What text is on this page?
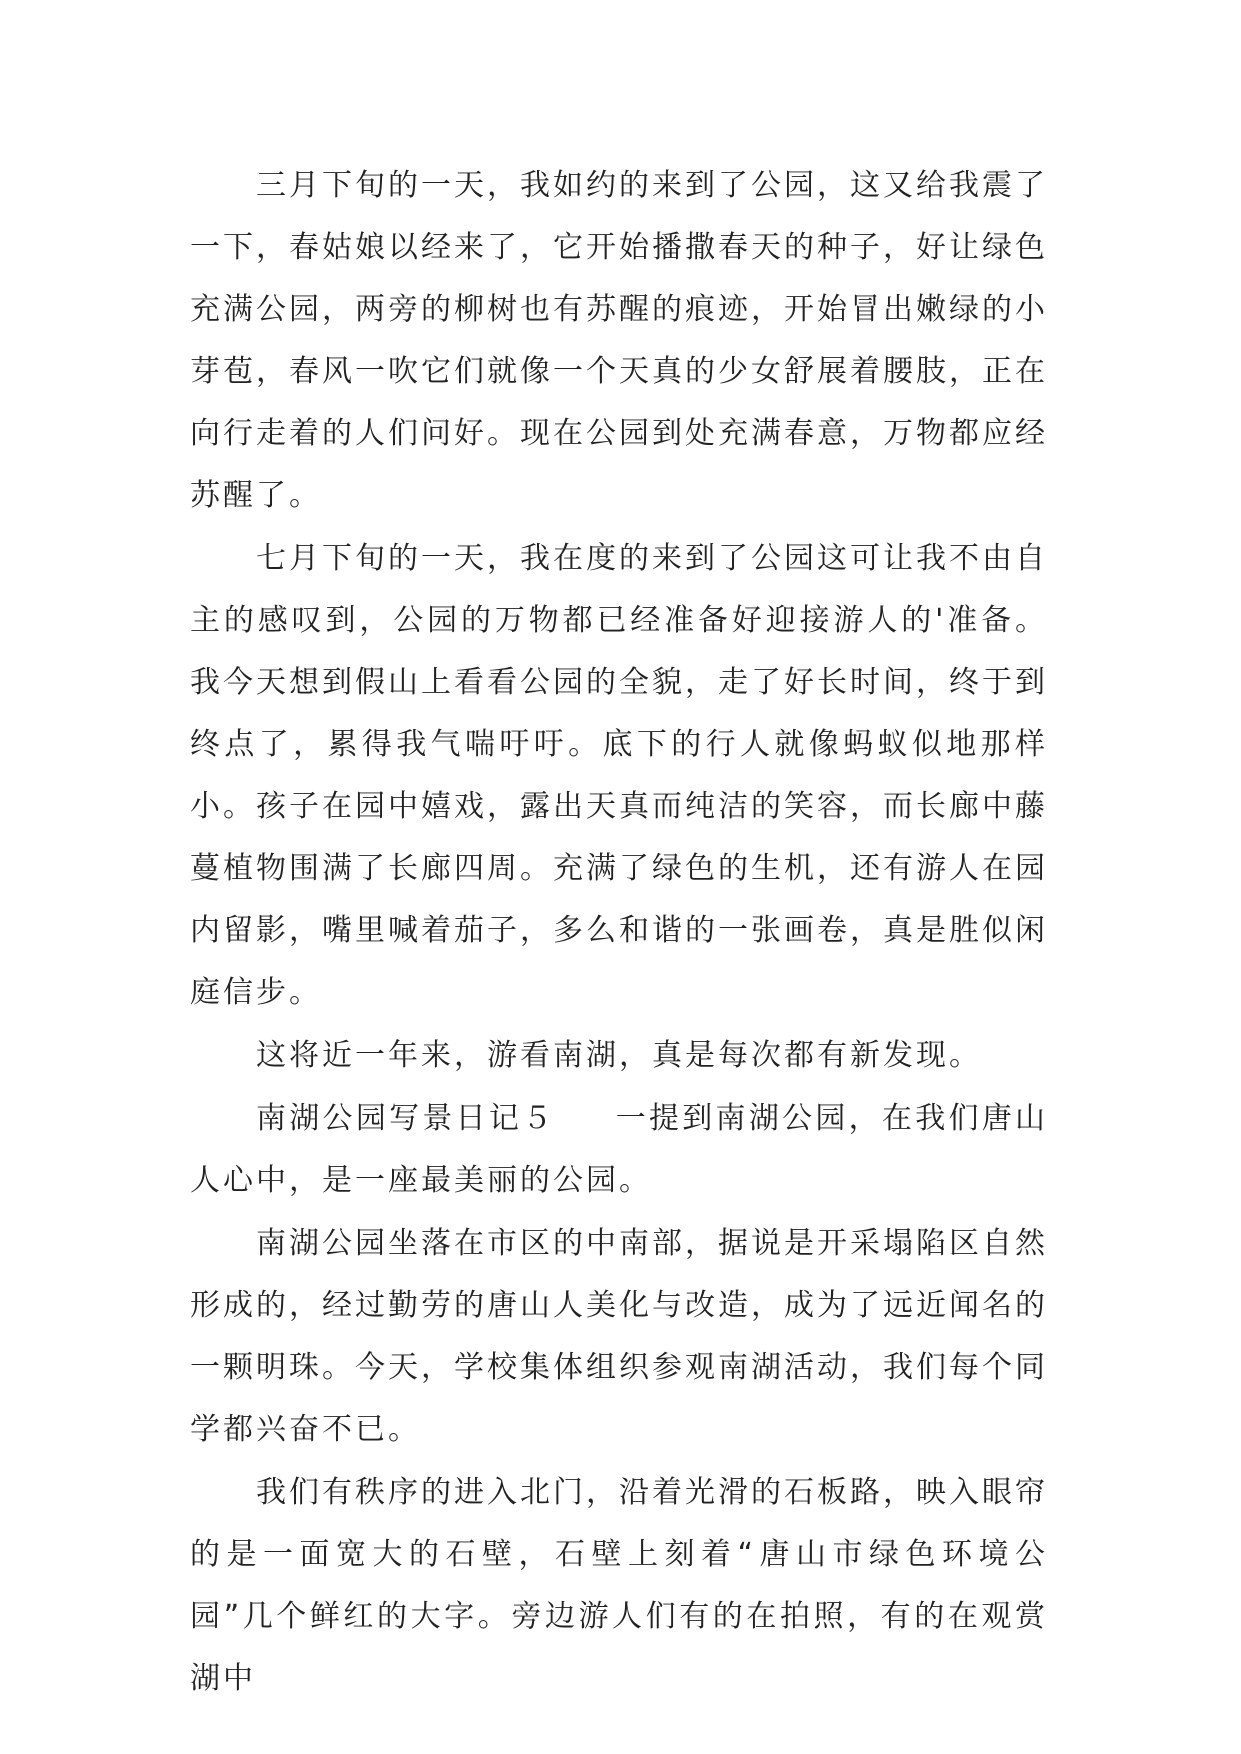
三月下旬的一天，我如约的来到了公园，这又给我震了一下，春姑娘以经来了，它开始播撒春天的种子，好让绿色充满公园，两旁的柳树也有苏醒的痕迹，开始冒出嫩绿的小芽苞，春风一吹它们就像一个天真的少女舒展着腰肢，正在向行走着的人们问好。现在公园到处充满春意，万物都应经苏醒了。

七月下旬的一天，我在度的来到了公园这可让我不由自主的感叹到，公园的万物都已经准备好迎接游人的'准备。我今天想到假山上看看公园的全貌，走了好长时间，终于到终点了，累得我气喘吁吁。底下的行人就像蚂蚁似地那样小。孩子在园中嬉戏，露出天真而纯洁的笑容，而长廊中藤蔓植物围满了长廊四周。充满了绿色的生机，还有游人在园内留影，嘴里喊着茄子，多么和谐的一张画卷，真是胜似闲庭信步。

这将近一年来，游看南湖，真是每次都有新发现。

南湖公园写景日记５ 一提到南湖公园，在我们唐山人心中，是一座最美丽的公园。

南湖公园坐落在市区的中南部，据说是开采塌陷区自然形成的，经过勤劳的唐山人美化与改造，成为了远近闻名的一颗明珠。今天，学校集体组织参观南湖活动，我们每个同学都兴奋不已。

我们有秩序的进入北门，沿着光滑的石板路，映入眼帘的是一面宽大的石壁，石壁上刻着“唐山市绿色环境公园”几个鲜红的大字。旁边游人们有的在拍照，有的在观赏湖中
